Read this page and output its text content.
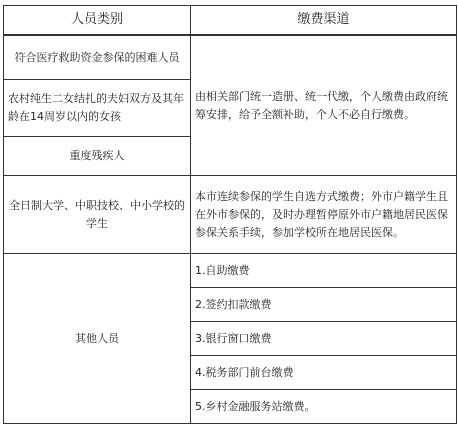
人员类别	缴费渠道
符合医疗救助资金参保的困难人员	由相关部门统一造册、统一代缴，个人缴费由政府统筹安排，给予全额补助，个人不必自行缴费。
农村纯生二女结扎的夫妇双方及其年龄在14周岁以内的女孩	
重度残疾人	
全日制大学、中职技校、中小学校的学生	本市连续参保的学生自选方式缴费；外市户籍学生且在外市参保的，及时办理暂停原外市户籍地居民医保参保关系手续，参加学校所在地居民医保。
其他人员	1.自助缴费
	2.签约扣款缴费
	3.银行窗口缴费
	4.税务部门前台缴费
	5.乡村金融服务站缴费。
